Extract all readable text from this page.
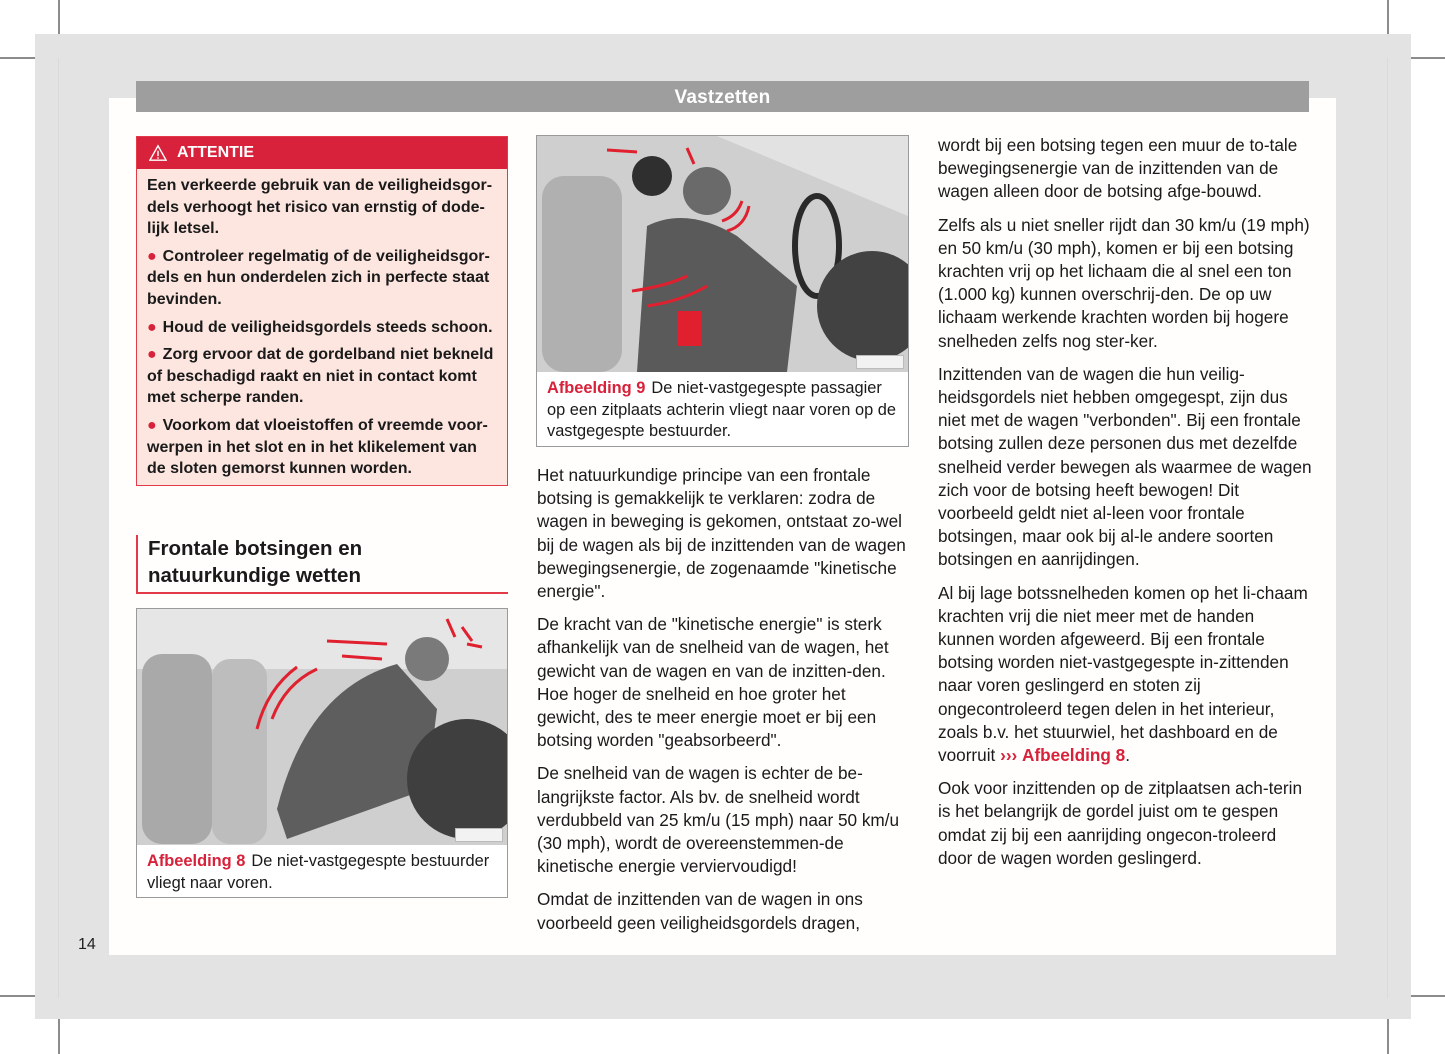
Vastzetten
ATTENTIE

Een verkeerde gebruik van de veiligheidsgor-dels verhoogt het risico van ernstig of dode-lijk letsel.

● Controleer regelmatig of de veiligheidsgor-dels en hun onderdelen zich in perfecte staat bevinden.

● Houd de veiligheidsgordels steeds schoon.

● Zorg ervoor dat de gordelband niet bekneld of beschadigd raakt en niet in contact komt met scherpe randen.

● Voorkom dat vloeistoffen of vreemde voor-werpen in het slot en in het klikelement van de sloten gemorst kunnen worden.

Frontale botsingen en natuurkundige wetten
Afbeelding 8 De niet-vastgegespte bestuurder vliegt naar voren.
Afbeelding 9 De niet-vastgegespte passagier op een zitplaats achterin vliegt naar voren op de vastgegespte bestuurder.

Het natuurkundige principe van een frontale botsing is gemakkelijk te verklaren: zodra de wagen in beweging is gekomen, ontstaat zo-wel bij de wagen als bij de inzittenden van de wagen bewegingsenergie, de zogenaamde "kinetische energie".

De kracht van de "kinetische energie" is sterk afhankelijk van de snelheid van de wagen, het gewicht van de wagen en van de inzitten-den. Hoe hoger de snelheid en hoe groter het gewicht, des te meer energie moet er bij een botsing worden "geabsorbeerd".

De snelheid van de wagen is echter de be-langrijkste factor. Als bv. de snelheid wordt verdubbeld van 25 km/u (15 mph) naar 50 km/u (30 mph), wordt de overeenstemmen-de kinetische energie verviervoudigd!

Omdat de inzittenden van de wagen in ons voorbeeld geen veiligheidsgordels dragen,

wordt bij een botsing tegen een muur de to-tale bewegingsenergie van de inzittenden van de wagen alleen door de botsing afge-bouwd.

Zelfs als u niet sneller rijdt dan 30 km/u (19 mph) en 50 km/u (30 mph), komen er bij een botsing krachten vrij op het lichaam die al snel een ton (1.000 kg) kunnen overschrij-den. De op uw lichaam werkende krachten worden bij hogere snelheden zelfs nog ster-ker.

Inzittenden van de wagen die hun veilig-heidsgordels niet hebben omgegespt, zijn dus niet met de wagen "verbonden". Bij een frontale botsing zullen deze personen dus met dezelfde snelheid verder bewegen als waarmee de wagen zich voor de botsing heeft bewogen! Dit voorbeeld geldt niet al-leen voor frontale botsingen, maar ook bij al-le andere soorten botsingen en aanrijdingen.

Al bij lage botssnelheden komen op het li-chaam krachten vrij die niet meer met de handen kunnen worden afgeweerd. Bij een frontale botsing worden niet-vastgegespte in-zittenden naar voren geslingerd en stoten zij ongecontroleerd tegen delen in het interieur, zoals b.v. het stuurwiel, het dashboard en de voorruit ››› Afbeelding 8.

Ook voor inzittenden op de zitplaatsen ach-terin is het belangrijk de gordel juist om te gespen omdat zij bij een aanrijding ongecon-troleerd door de wagen worden geslingerd.

14
